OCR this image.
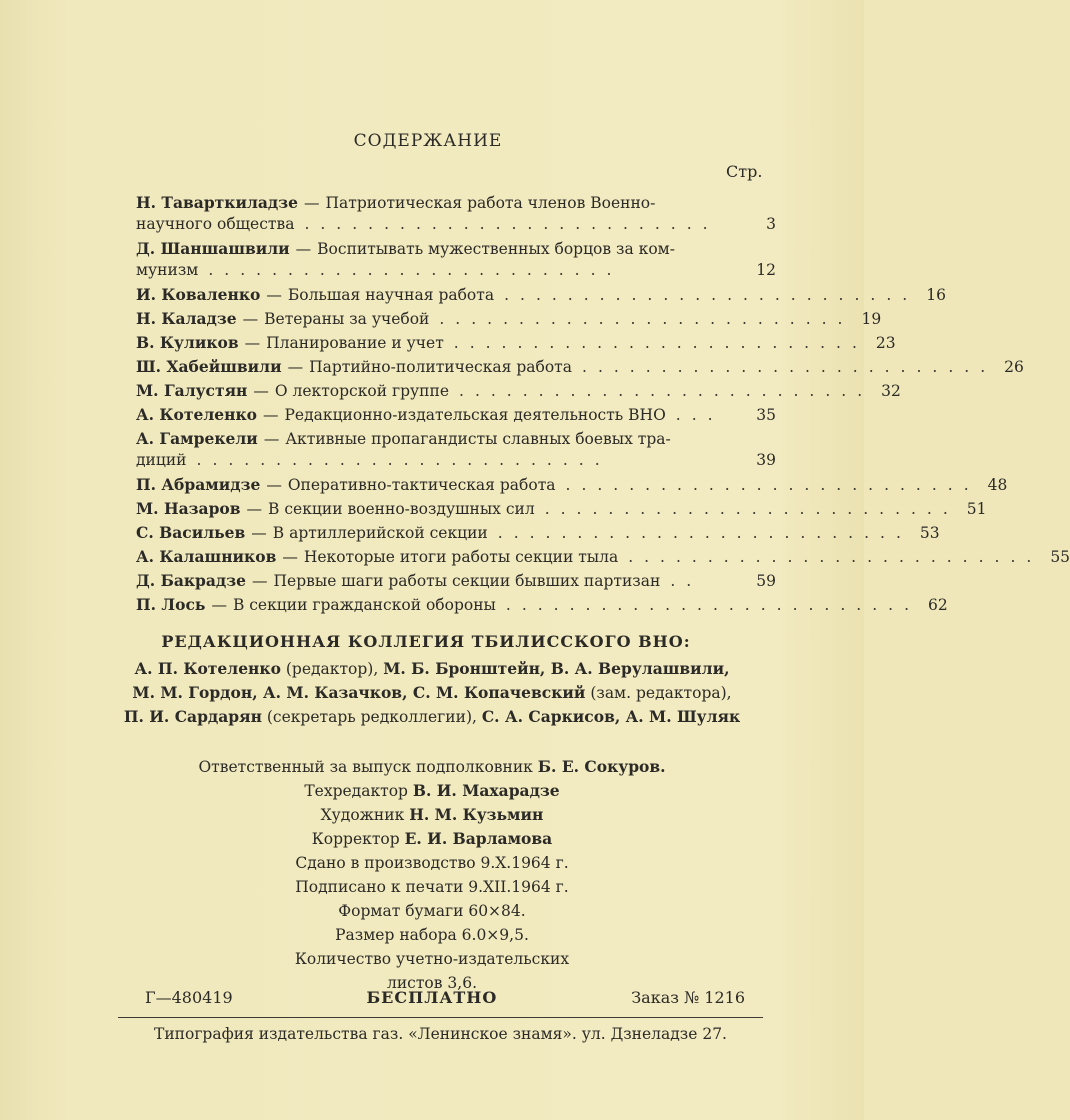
СОДЕРЖАНИЕ
Стр.
Н. Таварткиладзе — Патриотическая работа членов Военно-
научного общества ..........................	3
Д. Шаншашвили — Воспитывать мужественных борцов за ком-
мунизм ..........................	12
И. Коваленко — Большая научная работа .......................... 16
Н. Каладзе — Ветераны за учебой .......................... 19
В. Куликов — Планирование и учет .......................... 23
Ш. Хабейшвили — Партийно-политическая работа .......................... 26
М. Галустян — О лекторской группе .......................... 32
А. Котеленко — Редакционно-издательская деятельность ВНО ...	35
А. Гамрекели — Активные пропагандисты славных боевых тра-
диций ..........................	39
П. Абрамидзе — Оперативно-тактическая работа .......................... 48
М. Назаров — В секции военно-воздушных сил .......................... 51
С. Васильев — В артиллерийской секции .......................... 53
А. Калашников — Некоторые итоги работы секции тыла .......................... 55
Д. Бакрадзе — Первые шаги работы секции бывших партизан ..	59
П. Лось — В секции гражданской обороны .......................... 62
РЕДАКЦИОННАЯ КОЛЛЕГИЯ ТБИЛИССКОГО ВНО:
А. П. Котеленко (редактор), М. Б. Бронштейн, В. А. Верулашвили,
М. М. Гордон, А. М. Казачков, С. М. Копачевский (зам. редактора),
П. И. Сардарян (секретарь редколлегии), С. А. Саркисов, А. М. Шуляк
Ответственный за выпуск подполковник Б. Е. Сокуров.
Техредактор В. И. Махарадзе
Художник Н. М. Кузьмин
Корректор Е. И. Варламова
Сдано в производство 9.X.1964 г.
Подписано к печати 9.XII.1964 г.
Формат бумаги 60×84.
Размер набора 6.0×9,5.
Количество учетно-издательских
листов 3,6.
Г—480419	БЕСПЛАТНО	Заказ № 1216
Типография издательства газ. «Ленинское знамя». ул. Дзнеладзе 27.
